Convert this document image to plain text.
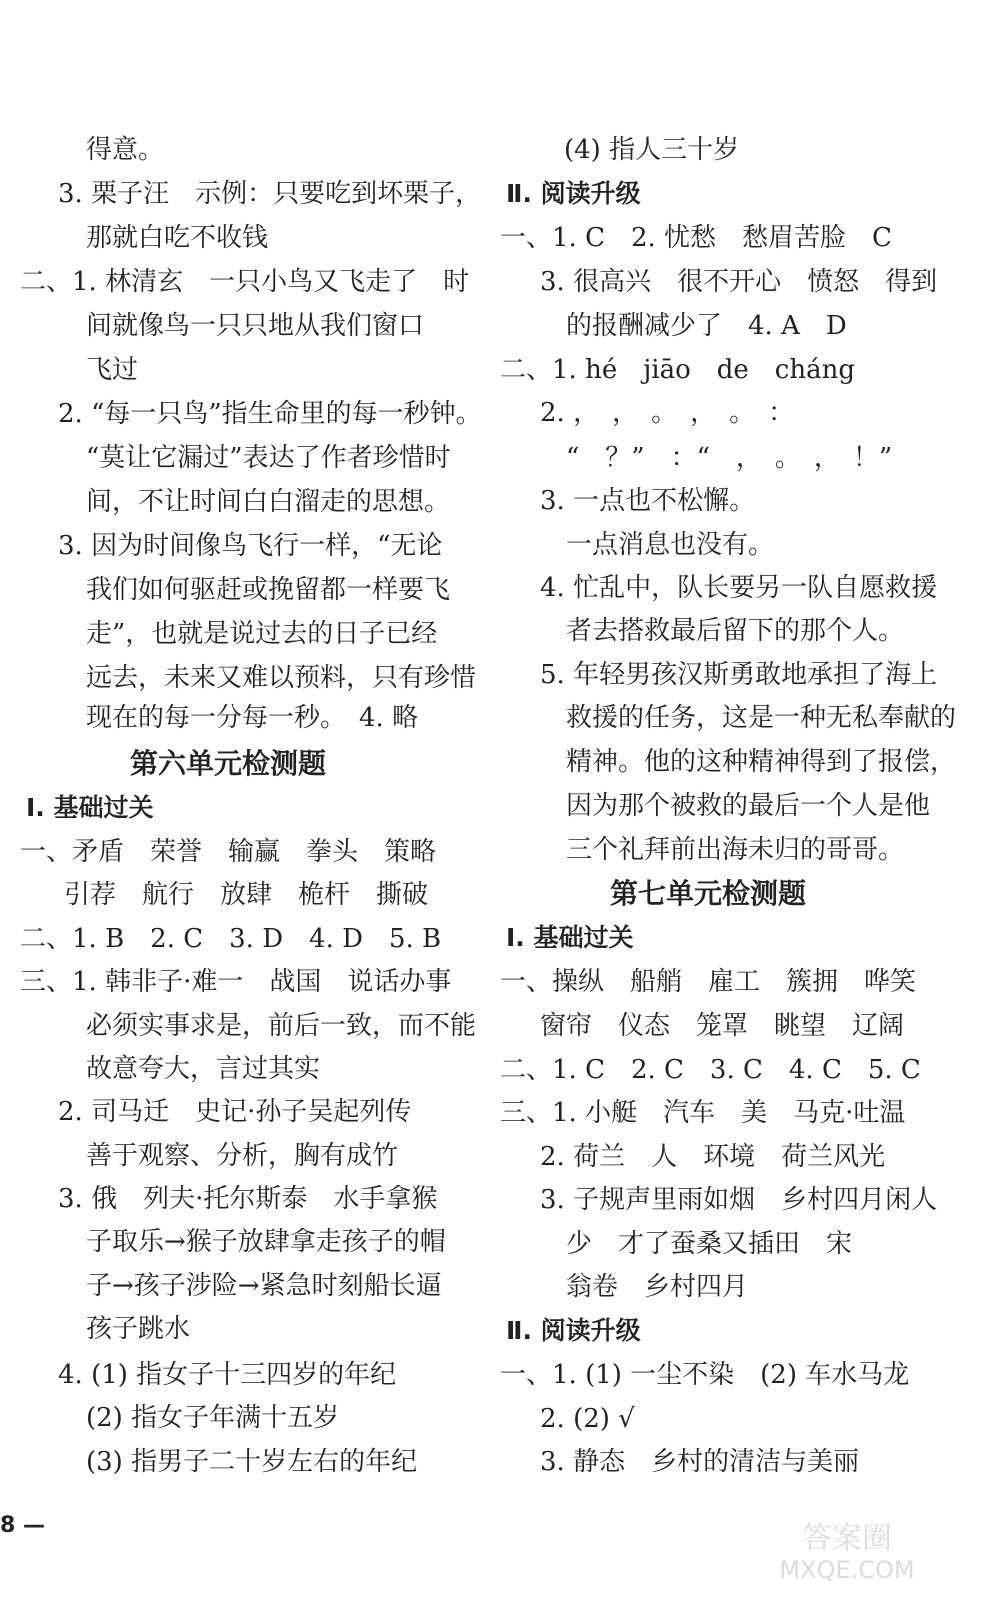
得意。
3. 栗子汪　示例：只要吃到坏栗子，
那就白吃不收钱
二、1. 林清玄　一只小鸟又飞走了　时
间就像鸟一只只地从我们窗口
飞过
2. “每一只鸟”指生命里的每一秒钟。
“莫让它漏过”表达了作者珍惜时
间，不让时间白白溜走的思想。
3. 因为时间像鸟飞行一样，“无论
我们如何驱赶或挽留都一样要飞
走”，也就是说过去的日子已经
远去，未来又难以预料，只有珍惜
现在的每一分每一秒。　4. 略
第六单元检测题
Ⅰ. 基础过关
一、矛盾　荣誉　输赢　拳头　策略
引荐　航行　放肆　桅杆　撕破
二、1. B　2. C　3. D　4. D　5. B
三、1. 韩非子·难一　战国　说话办事
必须实事求是，前后一致，而不能
故意夸大，言过其实
2. 司马迁　史记·孙子吴起列传
善于观察、分析，胸有成竹
3. 俄　列夫·托尔斯泰　水手拿猴
子取乐→猴子放肆拿走孩子的帽
子→孩子涉险→紧急时刻船长逼
孩子跳水
4. (1) 指女子十三四岁的年纪
(2) 指女子年满十五岁
(3) 指男子二十岁左右的年纪
(4) 指人三十岁
Ⅱ. 阅读升级
一、1. C　2. 忧愁　愁眉苦脸　C
3. 很高兴　很不开心　愤怒　得到
的报酬减少了　4. A　D
二、1. hé　jiāo　de　cháng
2. ，　，　。　，　。　：
“　？”　：“　，　。　，　！”
3. 一点也不松懈。
一点消息也没有。
4. 忙乱中，队长要另一队自愿救援
者去搭救最后留下的那个人。
5. 年轻男孩汉斯勇敢地承担了海上
救援的任务，这是一种无私奉献的
精神。他的这种精神得到了报偿，
因为那个被救的最后一个人是他
三个礼拜前出海未归的哥哥。
第七单元检测题
Ⅰ. 基础过关
一、操纵　船艄　雇工　簇拥　哗笑
窗帘　仪态　笼罩　眺望　辽阔
二、1. C　2. C　3. C　4. C　5. C
三、1. 小艇　汽车　美　马克·吐温
2. 荷兰　人　环境　荷兰风光
3. 子规声里雨如烟　乡村四月闲人
少　才了蚕桑又插田　宋
翁卷　乡村四月
Ⅱ. 阅读升级
一、1. (1) 一尘不染　(2) 车水马龙
2. (2) √
3. 静态　乡村的清洁与美丽
8 —	答案圈
MXQE.COM
